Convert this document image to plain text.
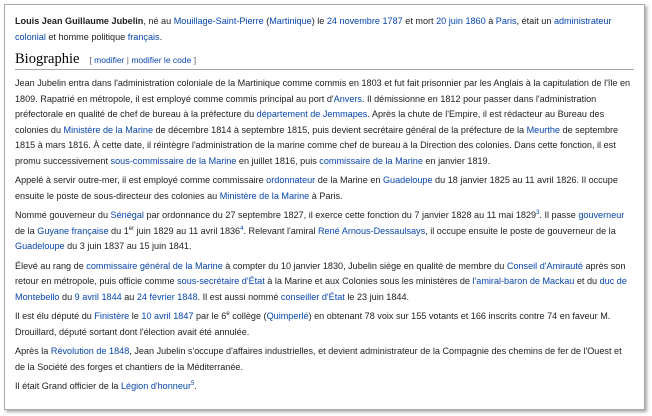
Louis Jean Guillaume Jubelin, né au Mouillage-Saint-Pierre (Martinique) le 24 novembre 1787 et mort 20 juin 1860 à Paris, était un administrateur colonial et homme politique français.

Biographie [ modifier | modifier le code ]

Jean Jubelin entra dans l'administration coloniale de la Martinique comme commis en 1803 et fut fait prisonnier par les Anglais à la capitulation de l'île en 1809. Rapatrié en métropole, il est employé comme commis principal au port d'Anvers. Il démissionne en 1812 pour passer dans l'administration préfectorale en qualité de chef de bureau à la préfecture du département de Jemmapes. Après la chute de l'Empire, il est rédacteur au Bureau des colonies du Ministère de la Marine de décembre 1814 à septembre 1815, puis devient secrétaire général de la préfecture de la Meurthe de septembre 1815 à mars 1816. À cette date, il réintègre l'administration de la marine comme chef de bureau à la Direction des colonies. Dans cette fonction, il est promu successivement sous-commissaire de la Marine en juillet 1816, puis commissaire de la Marine en janvier 1819.

Appelé à servir outre-mer, il est employé comme commissaire ordonnateur de la Marine en Guadeloupe du 18 janvier 1825 au 11 avril 1826. Il occupe ensuite le poste de sous-directeur des colonies au Ministère de la Marine à Paris.

Nommé gouverneur du Sénégal par ordonnance du 27 septembre 1827, il exerce cette fonction du 7 janvier 1828 au 11 mai 1829$^3$. Il passe gouverneur de la Guyane française du 1er juin 1829 au 11 avril 1836$^4$. Relevant l'amiral René Arnous-Dessaulsays, il occupe ensuite le poste de gouverneur de la Guadeloupe du 3 juin 1837 au 15 juin 1841.

Élevé au rang de commissaire général de la Marine à compter du 10 janvier 1830, Jubelin siège en qualité de membre du Conseil d'Amirauté après son retour en métropole, puis officie comme sous-secrétaire d'État à la Marine et aux Colonies sous les ministères de l'amiral-baron de Mackau et du duc de Montebello du 9 avril 1844 au 24 février 1848. Il est aussi nommé conseiller d'État le 23 juin 1844.

Il est élu député du Finistère le 10 avril 1847 par le 6e collège (Quimperlé) en obtenant 78 voix sur 155 votants et 166 inscrits contre 74 en faveur M. Drouillard, député sortant dont l'élection avait été annulée.

Après la Révolution de 1848, Jean Jubelin s'occupe d'affaires industrielles, et devient administrateur de la Compagnie des chemins de fer de l'Ouest et de la Société des forges et chantiers de la Méditerranée.

Il était Grand officier de la Légion d'honneur$^5$.
